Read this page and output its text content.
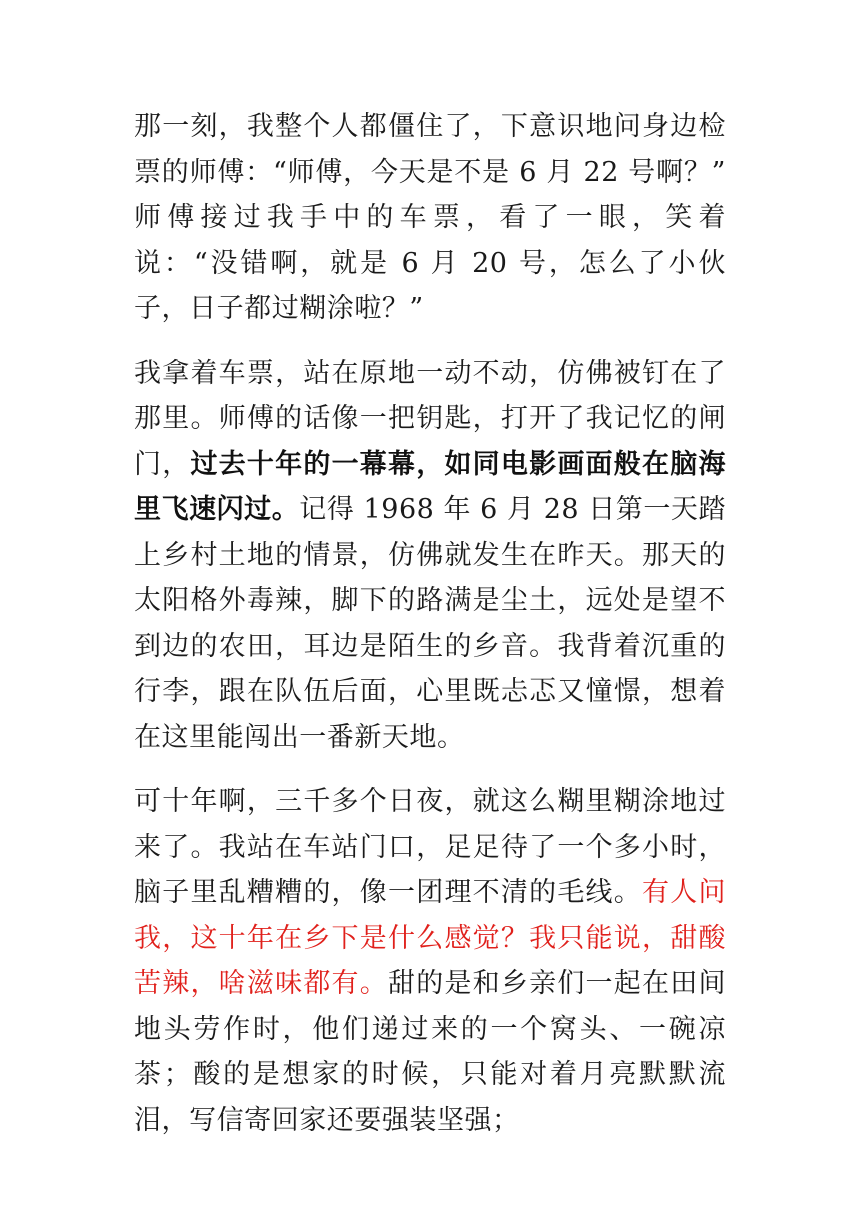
那一刻，我整个人都僵住了，下意识地问身边检票的师傅：“师傅，今天是不是 6 月 22 号啊？” 师傅接过我手中的车票，看了一眼，笑着说：“没错啊，就是 6 月 20 号，怎么了小伙子，日子都过糊涂啦？”

我拿着车票，站在原地一动不动，仿佛被钉在了那里。师傅的话像一把钥匙，打开了我记忆的闸门，过去十年的一幕幕，如同电影画面般在脑海里飞速闪过。记得 1968 年 6 月 28 日第一天踏上乡村土地的情景，仿佛就发生在昨天。那天的太阳格外毒辣，脚下的路满是尘土，远处是望不到边的农田，耳边是陌生的乡音。我背着沉重的行李，跟在队伍后面，心里既忐忑又憧憬，想着在这里能闯出一番新天地。

可十年啊，三千多个日夜，就这么糊里糊涂地过来了。我站在车站门口，足足待了一个多小时，脑子里乱糟糟的，像一团理不清的毛线。有人问我，这十年在乡下是什么感觉？我只能说，甜酸苦辣，啥滋味都有。甜的是和乡亲们一起在田间地头劳作时，他们递过来的一个窝头、一碗凉茶；酸的是想家的时候，只能对着月亮默默流泪，写信寄回家还要强装坚强；
